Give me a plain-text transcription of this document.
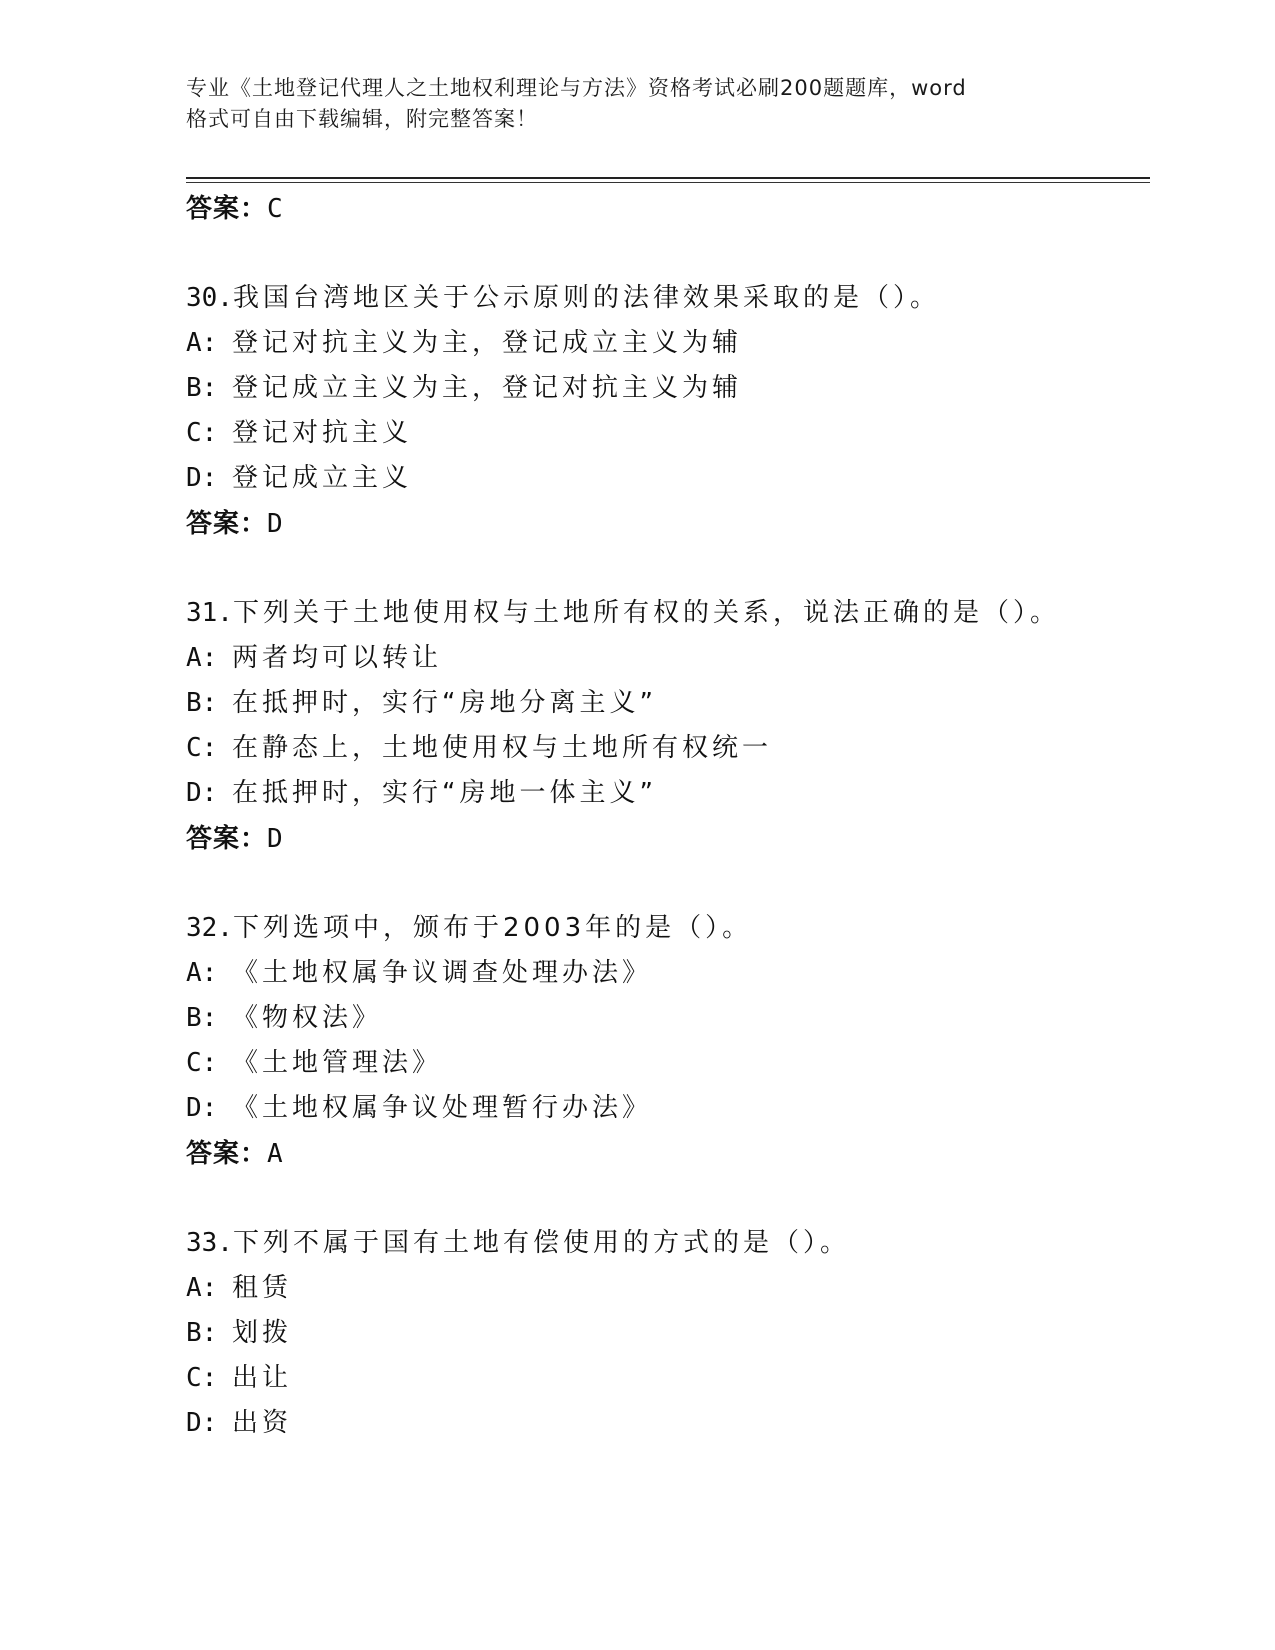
专业《土地登记代理人之土地权利理论与方法》资格考试必刷200题题库，word
格式可自由下载编辑，附完整答案！
答案：C
30.我国台湾地区关于公示原则的法律效果采取的是（）。
A: 登记对抗主义为主，登记成立主义为辅
B: 登记成立主义为主，登记对抗主义为辅
C: 登记对抗主义
D: 登记成立主义
答案：D
31.下列关于土地使用权与土地所有权的关系，说法正确的是（）。
A: 两者均可以转让
B: 在抵押时，实行“房地分离主义”
C: 在静态上，土地使用权与土地所有权统一
D: 在抵押时，实行“房地一体主义”
答案：D
32.下列选项中，颁布于2003年的是（）。
A: 《土地权属争议调查处理办法》
B: 《物权法》
C: 《土地管理法》
D: 《土地权属争议处理暂行办法》
答案：A
33.下列不属于国有土地有偿使用的方式的是（）。
A: 租赁
B: 划拨
C: 出让
D: 出资
